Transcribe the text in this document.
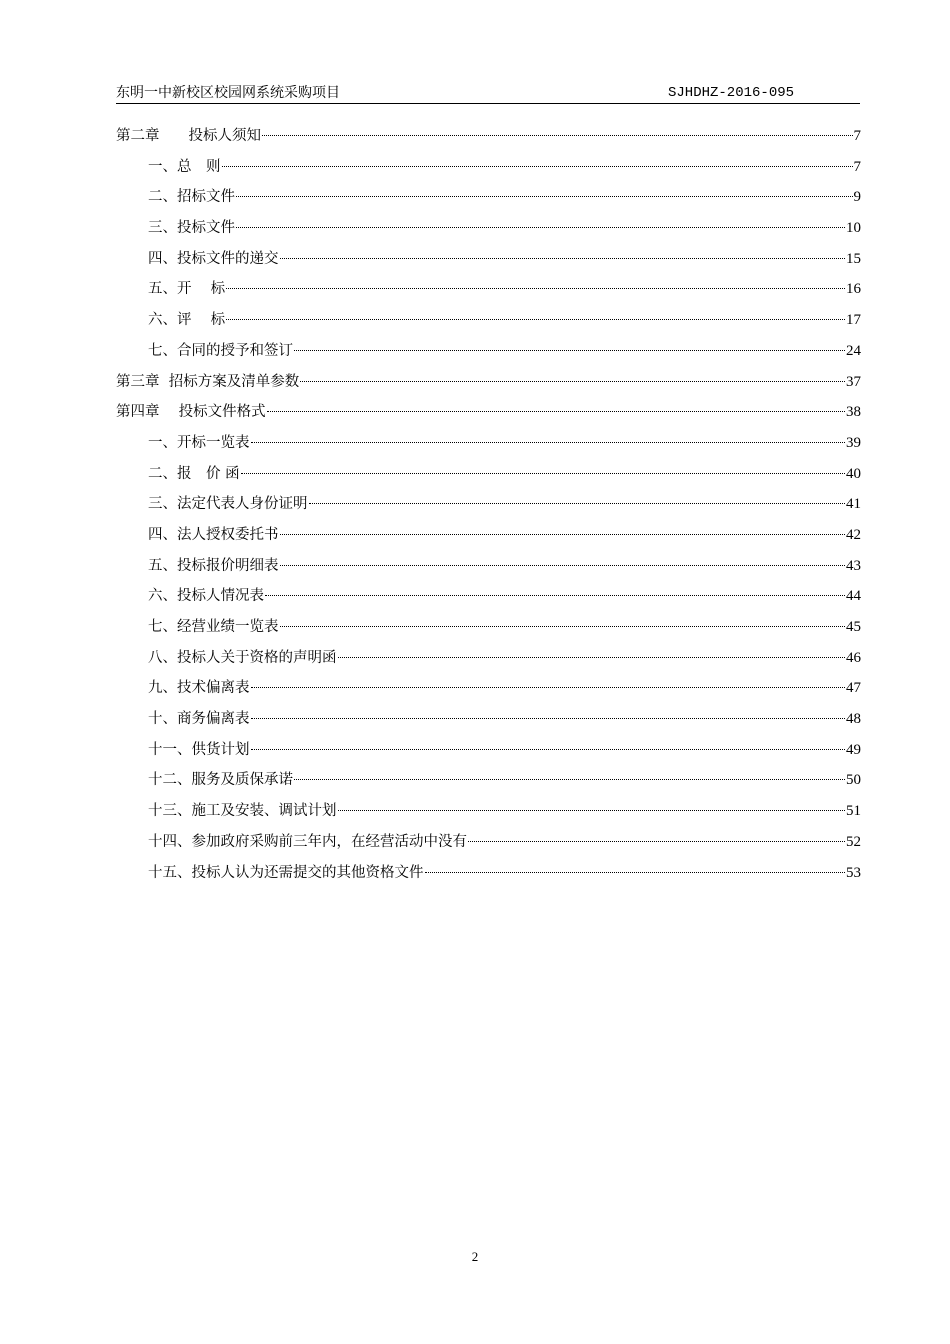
东明一中新校区校园网系统采购项目	SJHDHZ-2016-095
第二章　　投标人须知	7
一、总　则	7
二、招标文件	9
三、投标文件	10
四、投标文件的递交	15
五、开　 标	16
六、评　 标	17
七、合同的授予和签订	24
第三章  招标方案及清单参数	37
第四章　 投标文件格式	38
一、开标一览表	39
二、报　价 函	40
三、法定代表人身份证明	41
四、法人授权委托书	42
五、投标报价明细表	43
六、投标人情况表	44
七、经营业绩一览表	45
八、投标人关于资格的声明函	46
九、技术偏离表	47
十、商务偏离表	48
十一、供货计划	49
十二、服务及质保承诺	50
十三、施工及安装、调试计划	51
十四、参加政府采购前三年内，在经营活动中没有	52
十五、投标人认为还需提交的其他资格文件	53
2
